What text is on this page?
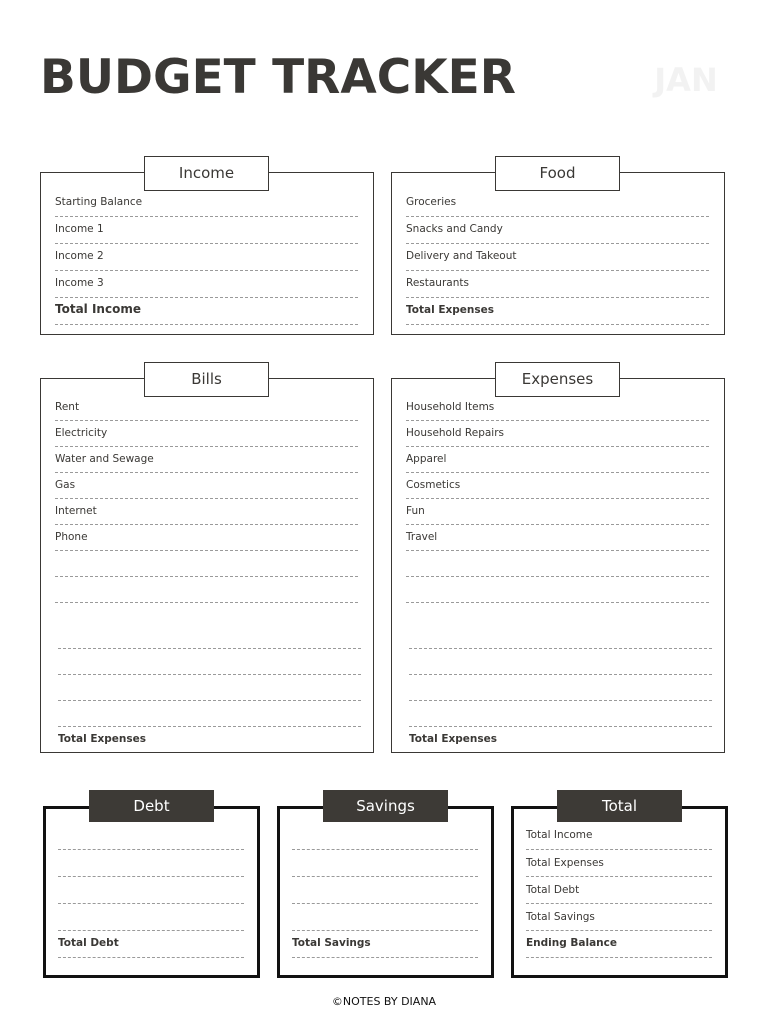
BUDGET TRACKER	JAN
Income
Starting Balance
Income 1
Income 2
Income 3
Total Income
Food
Groceries
Snacks and Candy
Delivery and Takeout
Restaurants
Total Expenses
Bills
Rent
Electricity
Water and Sewage
Gas
Internet
Phone
Total Expenses
Expenses
Household Items
Household Repairs
Apparel
Cosmetics
Fun
Travel
Total Expenses
Debt
Total Debt
Savings
Total Savings
Total
Total Income
Total Expenses
Total Debt
Total Savings
Ending Balance
©NOTES BY DIANA
